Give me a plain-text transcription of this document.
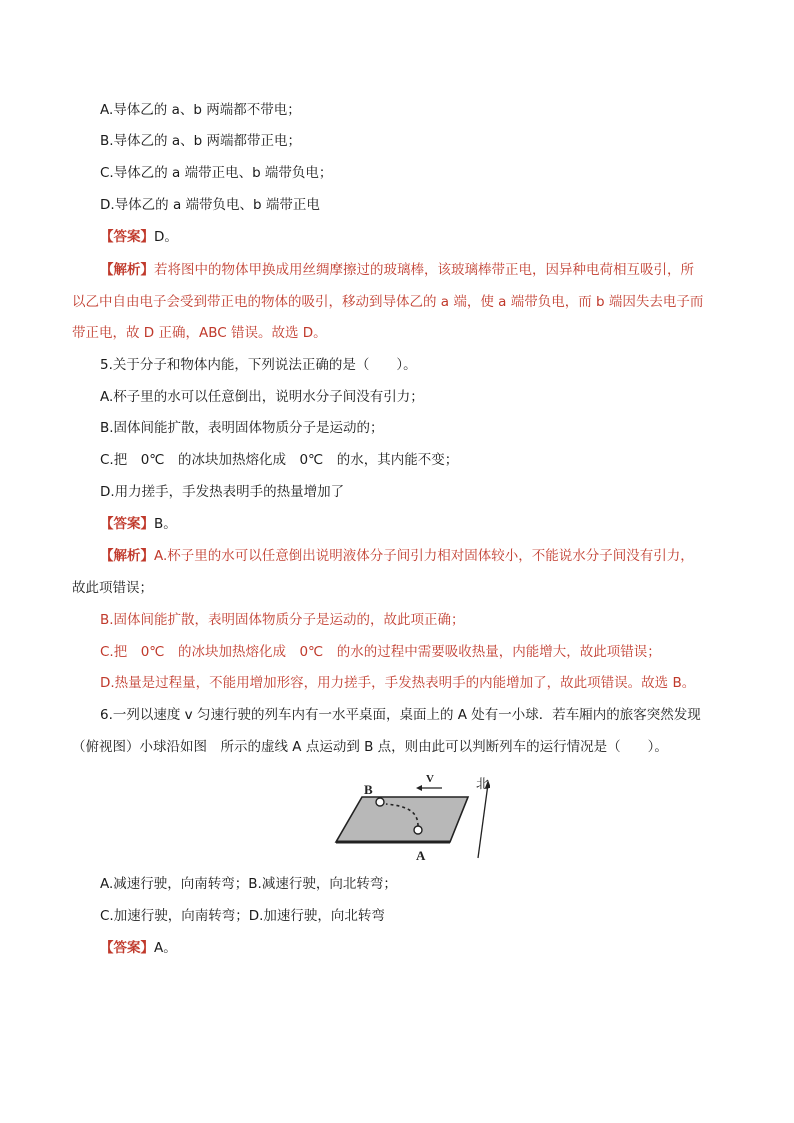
A.导体乙的 a、b 两端都不带电；
B.导体乙的 a、b 两端都带正电；
C.导体乙的 a 端带正电、b 端带负电；
D.导体乙的 a 端带负电、b 端带正电
【答案】D。
【解析】若将图中的物体甲换成用丝绸摩擦过的玻璃棒，该玻璃棒带正电，因异种电荷相互吸引，所
以乙中自由电子会受到带正电的物体的吸引，移动到导体乙的 a 端，使 a 端带负电，而 b 端因失去电子而
带正电，故 D 正确，ABC 错误。故选 D。
5.关于分子和物体内能，下列说法正确的是（　　）。
A.杯子里的水可以任意倒出，说明水分子间没有引力；
B.固体间能扩散，表明固体物质分子是运动的；
C.把　0℃　的冰块加热熔化成　0℃　的水，其内能不变；
D.用力搓手，手发热表明手的热量增加了
【答案】B。
【解析】A.杯子里的水可以任意倒出说明液体分子间引力相对固体较小，不能说水分子间没有引力，
故此项错误；
B.固体间能扩散，表明固体物质分子是运动的，故此项正确；
C.把　0℃　的冰块加热熔化成　0℃　的水的过程中需要吸收热量，内能增大，故此项错误；
D.热量是过程量，不能用增加形容，用力搓手，手发热表明手的内能增加了，故此项错误。故选 B。
6.一列以速度 v 匀速行驶的列车内有一水平桌面，桌面上的 A 处有一小球．若车厢内的旅客突然发现
（俯视图）小球沿如图　所示的虚线 A 点运动到 B 点，则由此可以判断列车的运行情况是（　　）。
B
A
V	北
A.减速行驶，向南转弯；B.减速行驶，向北转弯；
C.加速行驶，向南转弯；D.加速行驶，向北转弯
【答案】A。
